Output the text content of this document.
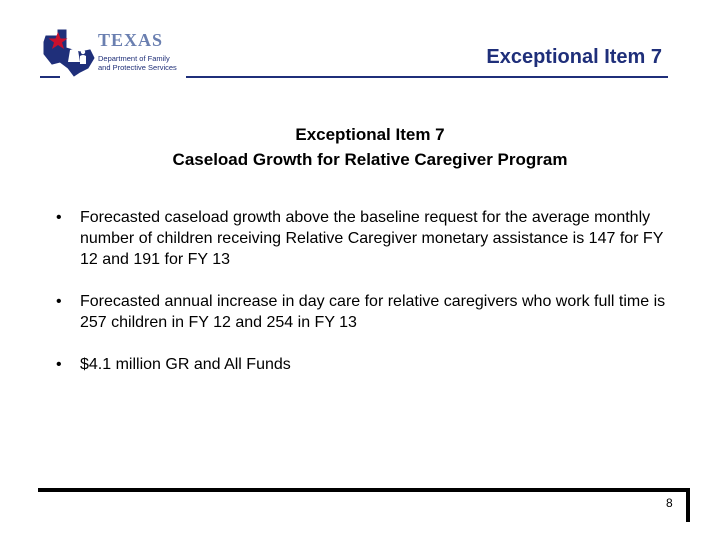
TEXAS
Department of Family
and Protective Services	Exceptional Item 7
Exceptional Item 7
Caseload Growth for Relative Caregiver Program
• Forecasted caseload growth above the baseline request for the average monthly number of children receiving Relative Caregiver monetary assistance is 147 for FY 12 and 191 for FY 13
• Forecasted annual increase in day care for relative caregivers who work full time is 257 children in FY 12 and 254 in FY 13
• $4.1 million GR and All Funds
8
